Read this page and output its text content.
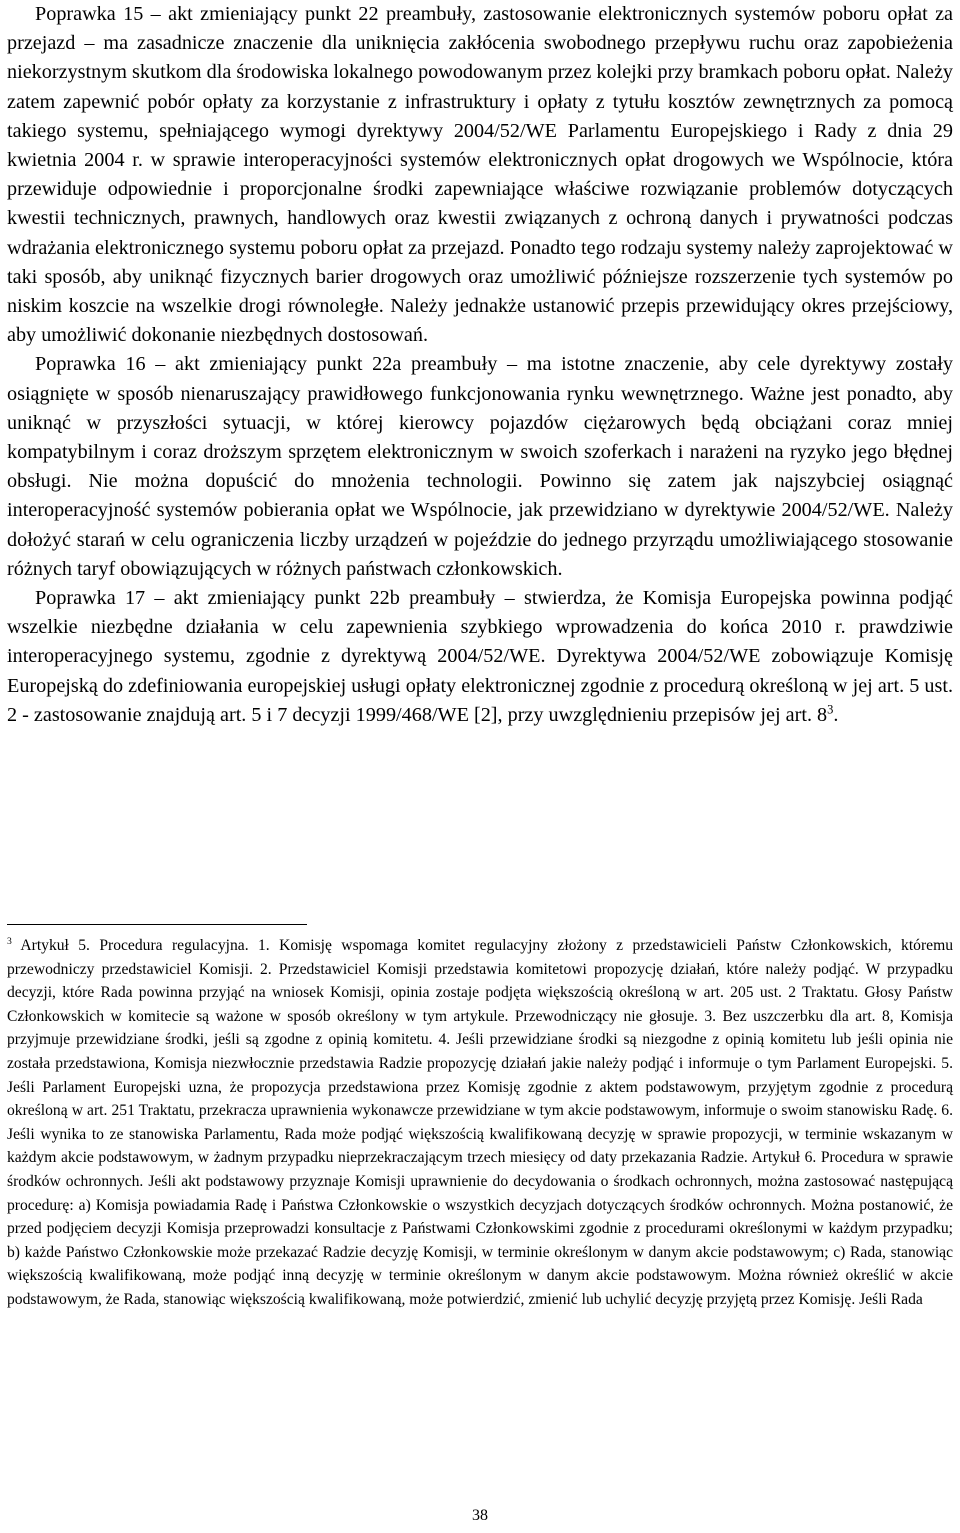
Poprawka 15 – akt zmieniający punkt 22 preambuły, zastosowanie elektronicznych systemów poboru opłat za przejazd – ma zasadnicze znaczenie dla uniknięcia zakłócenia swobodnego przepływu ruchu oraz zapobieżenia niekorzystnym skutkom dla środowiska lokalnego powodowanym przez kolejki przy bramkach poboru opłat. Należy zatem zapewnić pobór opłaty za korzystanie z infrastruktury i opłaty z tytułu kosztów zewnętrznych za pomocą takiego systemu, spełniającego wymogi dyrektywy 2004/52/WE Parlamentu Europejskiego i Rady z dnia 29 kwietnia 2004 r. w sprawie interoperacyjności systemów elektronicznych opłat drogowych we Wspólnocie, która przewiduje odpowiednie i proporcjonalne środki zapewniające właściwe rozwiązanie problemów dotyczących kwestii technicznych, prawnych, handlowych oraz kwestii związanych z ochroną danych i prywatności podczas wdrażania elektronicznego systemu poboru opłat za przejazd. Ponadto tego rodzaju systemy należy zaprojektować w taki sposób, aby uniknąć fizycznych barier drogowych oraz umożliwić późniejsze rozszerzenie tych systemów po niskim koszcie na wszelkie drogi równoległe. Należy jednakże ustanowić przepis przewidujący okres przejściowy, aby umożliwić dokonanie niezbędnych dostosowań.

Poprawka 16 – akt zmieniający punkt 22a preambuły – ma istotne znaczenie, aby cele dyrektywy zostały osiągnięte w sposób nienaruszający prawidłowego funkcjonowania rynku wewnętrznego. Ważne jest ponadto, aby uniknąć w przyszłości sytuacji, w której kierowcy pojazdów ciężarowych będą obciążani coraz mniej kompatybilnym i coraz droższym sprzętem elektronicznym w swoich szoferkach i narażeni na ryzyko jego błędnej obsługi. Nie można dopuścić do mnożenia technologii. Powinno się zatem jak najszybciej osiągnąć interoperacyjność systemów pobierania opłat we Wspólnocie, jak przewidziano w dyrektywie 2004/52/WE. Należy dołożyć starań w celu ograniczenia liczby urządzeń w pojeździe do jednego przyrządu umożliwiającego stosowanie różnych taryf obowiązujących w różnych państwach członkowskich.

Poprawka 17 – akt zmieniający punkt 22b preambuły – stwierdza, że Komisja Europejska powinna podjąć wszelkie niezbędne działania w celu zapewnienia szybkiego wprowadzenia do końca 2010 r. prawdziwie interoperacyjnego systemu, zgodnie z dyrektywą 2004/52/WE. Dyrektywa 2004/52/WE zobowiązuje Komisję Europejską do zdefiniowania europejskiej usługi opłaty elektronicznej zgodnie z procedurą określoną w jej art. 5 ust. 2 - zastosowanie znajdują art. 5 i 7 decyzji 1999/468/WE [2], przy uwzględnieniu przepisów jej art. $8^3$.

$^3$ Artykuł 5. Procedura regulacyjna. 1. Komisję wspomaga komitet regulacyjny złożony z przedstawicieli Państw Członkowskich, któremu przewodniczy przedstawiciel Komisji. 2. Przedstawiciel Komisji przedstawia komitetowi propozycję działań, które należy podjąć. W przypadku decyzji, które Rada powinna przyjąć na wniosek Komisji, opinia zostaje podjęta większością określoną w art. 205 ust. 2 Traktatu. Głosy Państw Członkowskich w komitecie są ważone w sposób określony w tym artykule. Przewodniczący nie głosuje. 3. Bez uszczerbku dla art. 8, Komisja przyjmuje przewidziane środki, jeśli są zgodne z opinią komitetu. 4. Jeśli przewidziane środki są niezgodne z opinią komitetu lub jeśli opinia nie została przedstawiona, Komisja niezwłocznie przedstawia Radzie propozycję działań jakie należy podjąć i informuje o tym Parlament Europejski. 5. Jeśli Parlament Europejski uzna, że propozycja przedstawiona przez Komisję zgodnie z aktem podstawowym, przyjętym zgodnie z procedurą określoną w art. 251 Traktatu, przekracza uprawnienia wykonawcze przewidziane w tym akcie podstawowym, informuje o swoim stanowisku Radę. 6. Jeśli wynika to ze stanowiska Parlamentu, Rada może podjąć większością kwalifikowaną decyzję w sprawie propozycji, w terminie wskazanym w każdym akcie podstawowym, w żadnym przypadku nieprzekraczającym trzech miesięcy od daty przekazania Radzie. Artykuł 6. Procedura w sprawie środków ochronnych. Jeśli akt podstawowy przyznaje Komisji uprawnienie do decydowania o środkach ochronnych, można zastosować następującą procedurę: a) Komisja powiadamia Radę i Państwa Członkowskie o wszystkich decyzjach dotyczących środków ochronnych. Można postanowić, że przed podjęciem decyzji Komisja przeprowadzi konsultacje z Państwami Członkowskimi zgodnie z procedurami określonymi w każdym przypadku; b) każde Państwo Członkowskie może przekazać Radzie decyzję Komisji, w terminie określonym w danym akcie podstawowym; c) Rada, stanowiąc większością kwalifikowaną, może podjąć inną decyzję w terminie określonym w danym akcie podstawowym. Można również określić w akcie podstawowym, że Rada, stanowiąc większością kwalifikowaną, może potwierdzić, zmienić lub uchylić decyzję przyjętą przez Komisję. Jeśli Rada

38
